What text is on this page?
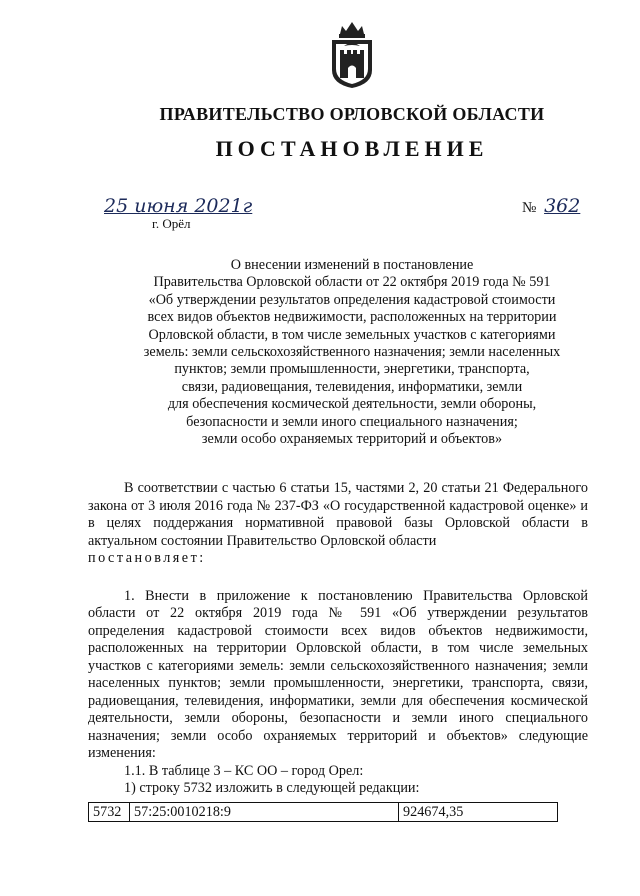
ПРАВИТЕЛЬСТВО ОРЛОВСКОЙ ОБЛАСТИ
ПОСТАНОВЛЕНИЕ
25 июня 2021г
г. Орёл
№ 362
О внесении изменений в постановление
Правительства Орловской области от 22 октября 2019 года № 591
«Об утверждении результатов определения кадастровой стоимости
всех видов объектов недвижимости, расположенных на территории
Орловской области, в том числе земельных участков с категориями
земель: земли сельскохозяйственного назначения; земли населенных
пунктов; земли промышленности, энергетики, транспорта,
связи, радиовещания, телевидения, информатики, земли
для обеспечения космической деятельности, земли обороны,
безопасности и земли иного специального назначения;
земли особо охраняемых территорий и объектов»

В соответствии с частью 6 статьи 15, частями 2, 20 статьи 21 Федерального закона от 3 июля 2016 года № 237-ФЗ «О государственной кадастровой оценке» и в целях поддержания нормативной правовой базы Орловской области в актуальном состоянии Правительство Орловской области

постановляет:

1. Внести в приложение к постановлению Правительства Орловской области от 22 октября 2019 года № 591 «Об утверждении результатов определения кадастровой стоимости всех видов объектов недвижимости, расположенных на территории Орловской области, в том числе земельных участков с категориями земель: земли сельскохозяйственного назначения; земли населенных пунктов; земли промышленности, энергетики, транспорта, связи, радиовещания, телевидения, информатики, земли для обеспечения космической деятельности, земли обороны, безопасности и земли иного специального назначения; земли особо охраняемых территорий и объектов» следующие изменения:

1.1. В таблице 3 – КС ОО – город Орел:

1) строку 5732 изложить в следующей редакции:

5732	57:25:0010218:9	924674,35
